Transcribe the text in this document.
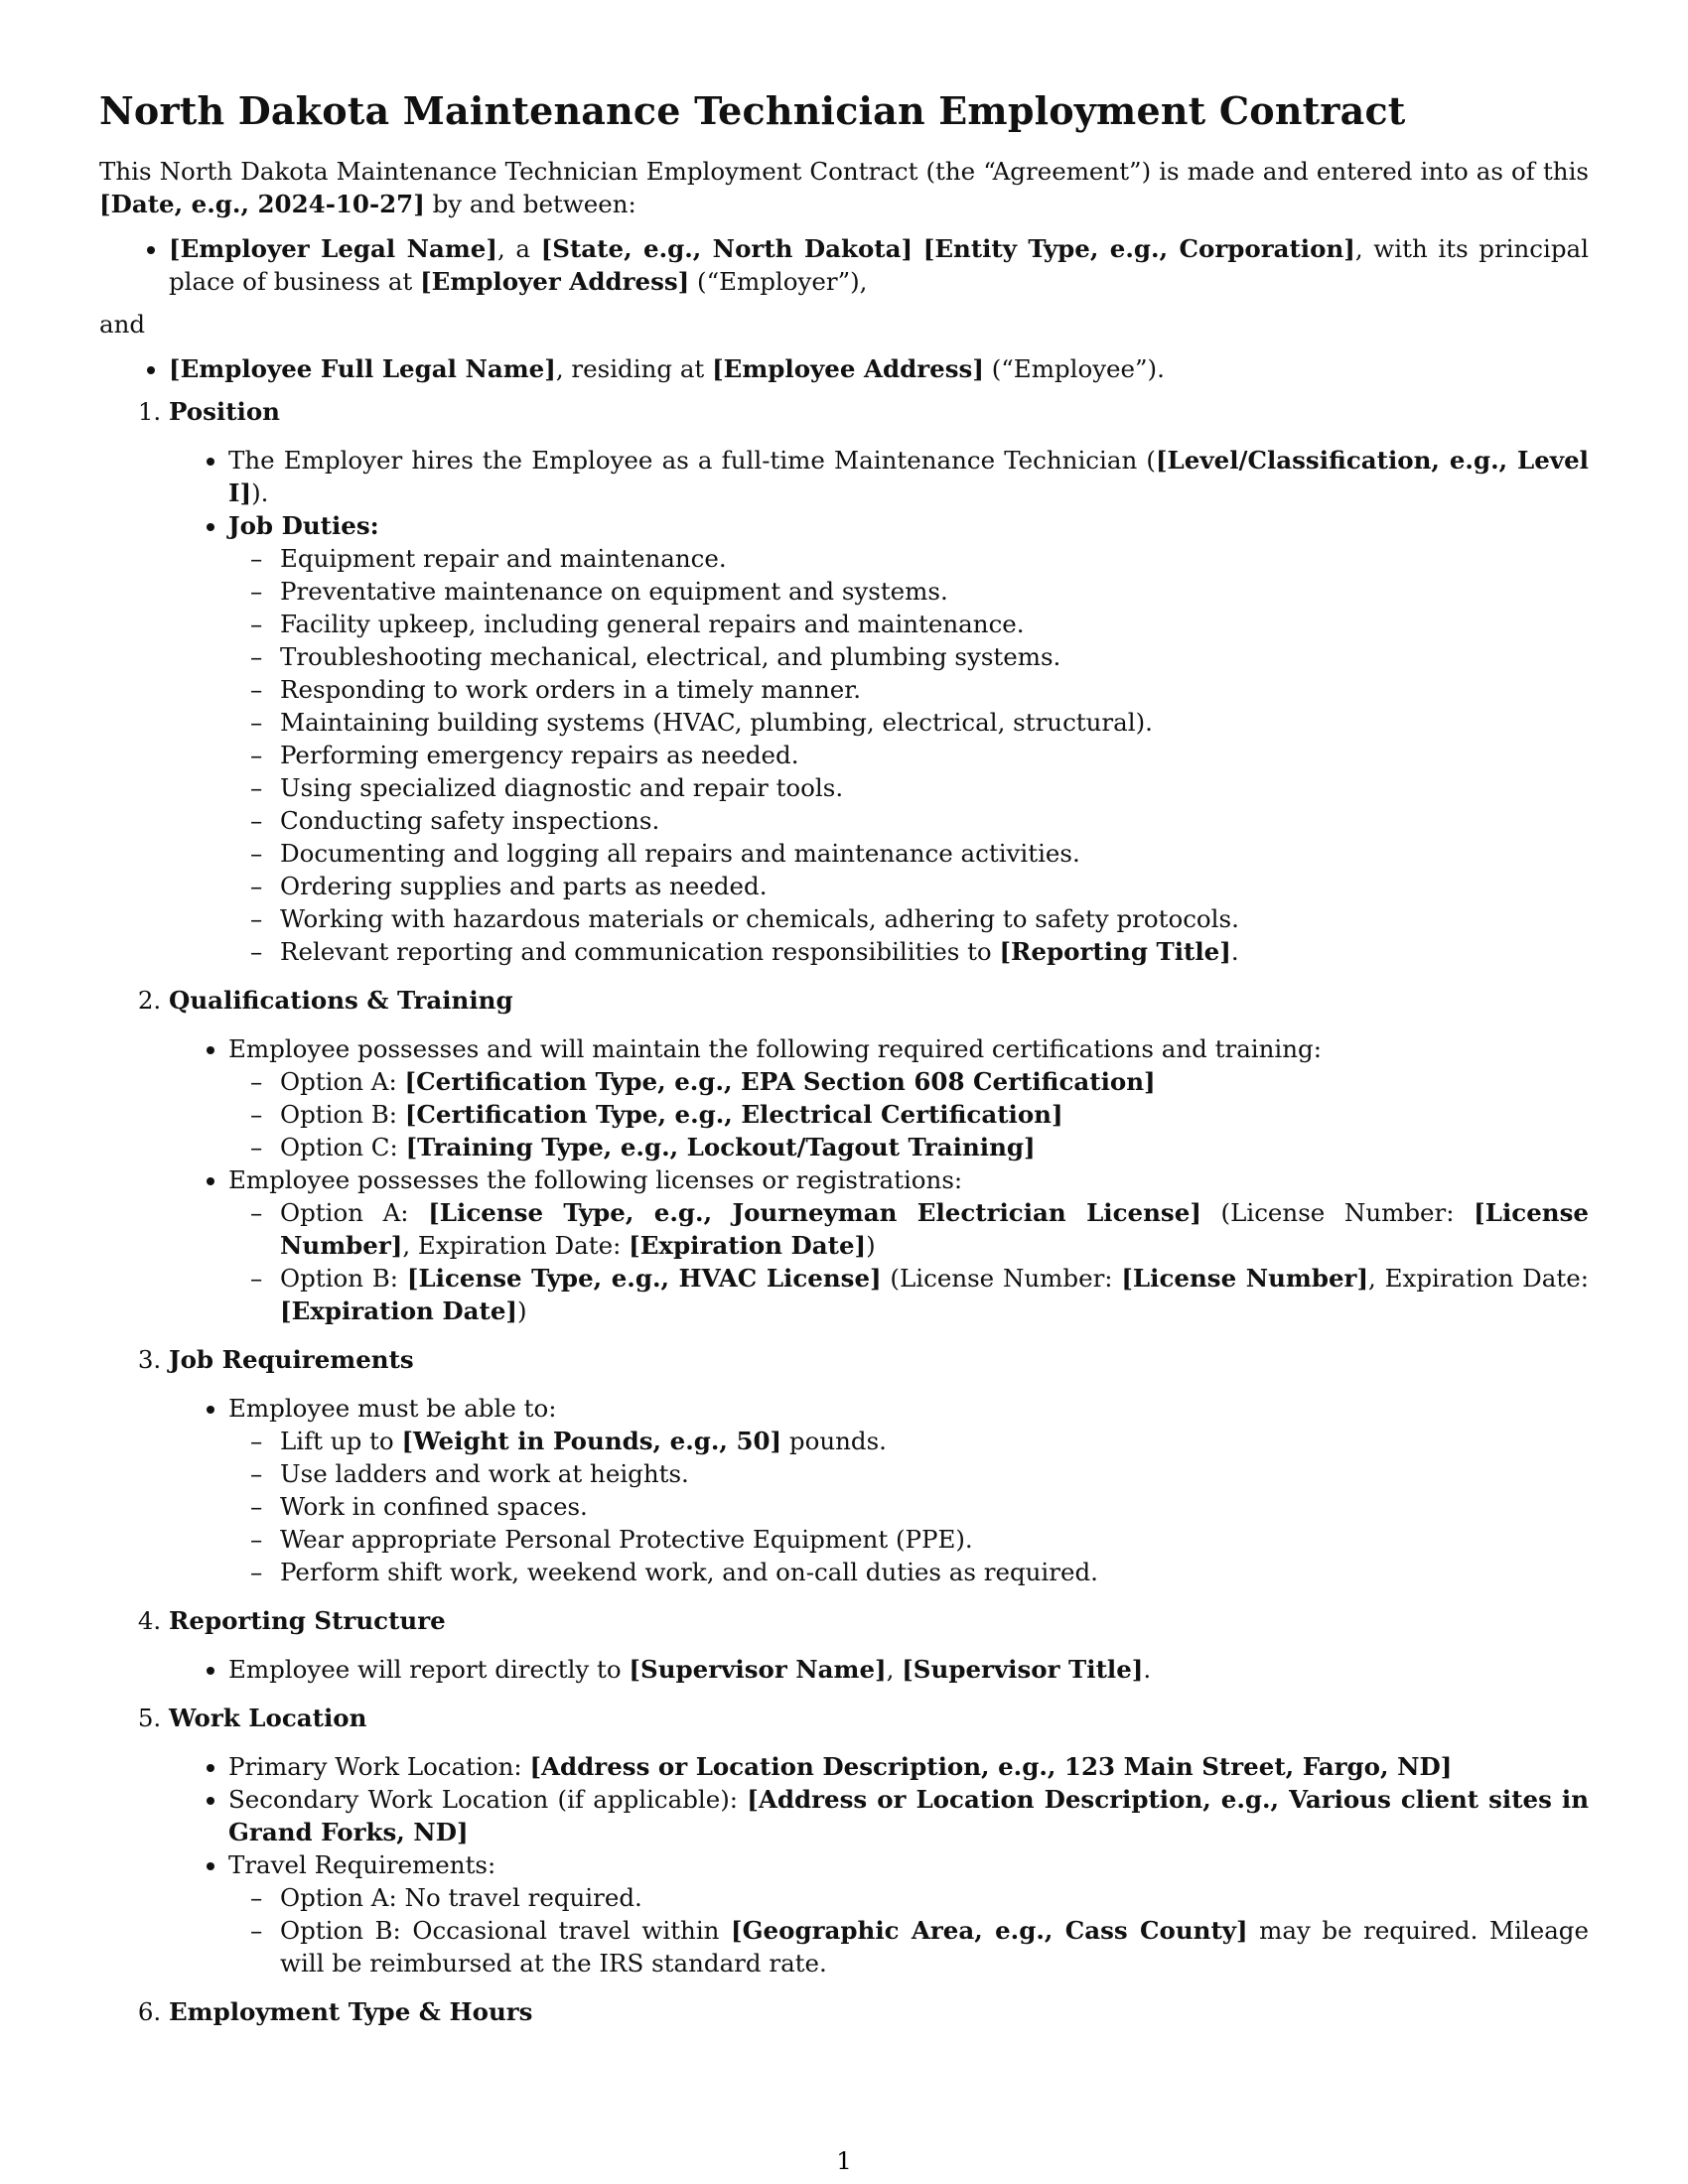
North Dakota Maintenance Technician Employment Contract

This North Dakota Maintenance Technician Employment Contract (the “Agreement”) is made and entered into as of this [Date, e.g., 2024-10-27] by and between:

• [Employer Legal Name], a [State, e.g., North Dakota] [Entity Type, e.g., Corporation], with its principal place of business at [Employer Address] (“Employer”),

and

• [Employee Full Legal Name], residing at [Employee Address] (“Employee”).
1. Position
• The Employer hires the Employee as a full-time Maintenance Technician ([Level/Classification, e.g., Level I]).
• Job Duties:
– Equipment repair and maintenance.
– Preventative maintenance on equipment and systems.
– Facility upkeep, including general repairs and maintenance.
– Troubleshooting mechanical, electrical, and plumbing systems.
– Responding to work orders in a timely manner.
– Maintaining building systems (HVAC, plumbing, electrical, structural).
– Performing emergency repairs as needed.
– Using specialized diagnostic and repair tools.
– Conducting safety inspections.
– Documenting and logging all repairs and maintenance activities.
– Ordering supplies and parts as needed.
– Working with hazardous materials or chemicals, adhering to safety protocols.
– Relevant reporting and communication responsibilities to [Reporting Title].
2. Qualifications & Training
• Employee possesses and will maintain the following required certifications and training:
– Option A: [Certification Type, e.g., EPA Section 608 Certification]
– Option B: [Certification Type, e.g., Electrical Certification]
– Option C: [Training Type, e.g., Lockout/Tagout Training]
• Employee possesses the following licenses or registrations:
– Option A: [License Type, e.g., Journeyman Electrician License] (License Number: [License Number], Expiration Date: [Expiration Date])
– Option B: [License Type, e.g., HVAC License] (License Number: [License Number], Expiration Date: [Expiration Date])
3. Job Requirements
• Employee must be able to:
– Lift up to [Weight in Pounds, e.g., 50] pounds.
– Use ladders and work at heights.
– Work in confined spaces.
– Wear appropriate Personal Protective Equipment (PPE).
– Perform shift work, weekend work, and on-call duties as required.
4. Reporting Structure
• Employee will report directly to [Supervisor Name], [Supervisor Title].
5. Work Location
• Primary Work Location: [Address or Location Description, e.g., 123 Main Street, Fargo, ND]
• Secondary Work Location (if applicable): [Address or Location Description, e.g., Various client sites in Grand Forks, ND]
• Travel Requirements:
– Option A: No travel required.
– Option B: Occasional travel within [Geographic Area, e.g., Cass County] may be required. Mileage will be reimbursed at the IRS standard rate.
6. Employment Type & Hours
1
